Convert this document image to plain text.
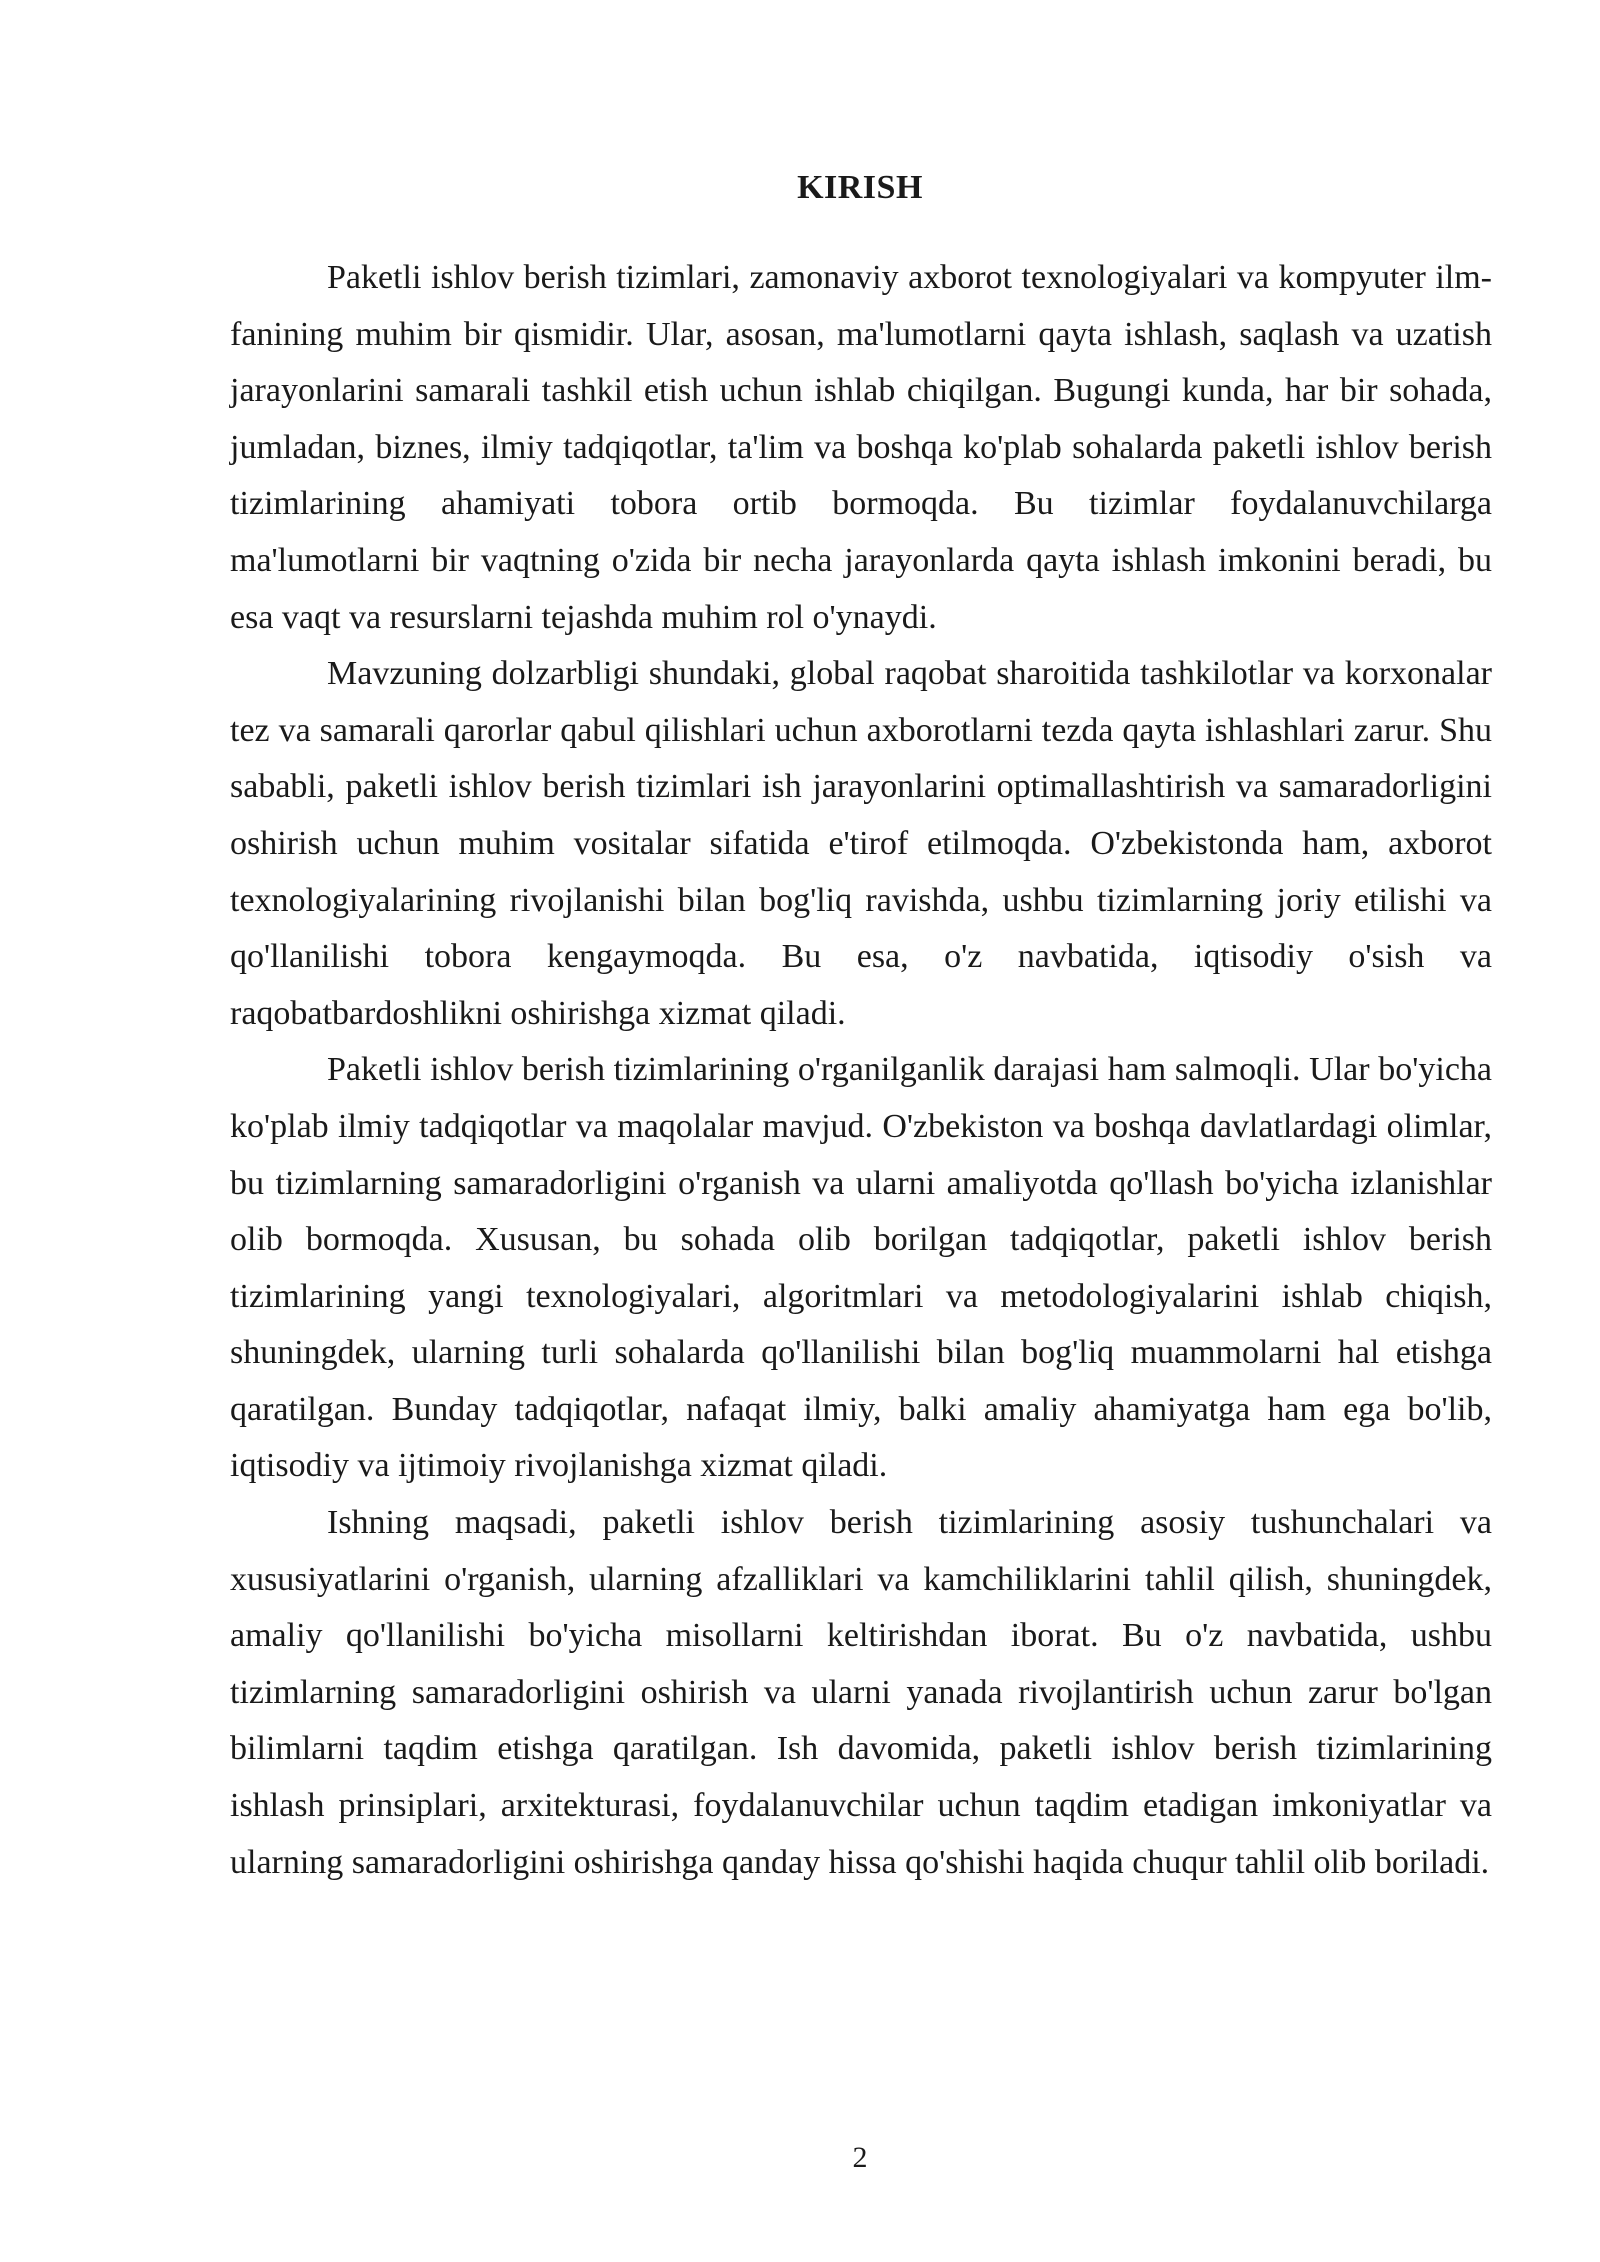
KIRISH

Paketli ishlov berish tizimlari, zamonaviy axborot texnologiyalari va kompyuter ilm-fanining muhim bir qismidir. Ular, asosan, ma'lumotlarni qayta ishlash, saqlash va uzatish jarayonlarini samarali tashkil etish uchun ishlab chiqilgan. Bugungi kunda, har bir sohada, jumladan, biznes, ilmiy tadqiqotlar, ta'lim va boshqa ko'plab sohalarda paketli ishlov berish tizimlarining ahamiyati tobora ortib bormoqda. Bu tizimlar foydalanuvchilarga ma'lumotlarni bir vaqtning o'zida bir necha jarayonlarda qayta ishlash imkonini beradi, bu esa vaqt va resurslarni tejashda muhim rol o'ynaydi.

Mavzuning dolzarbligi shundaki, global raqobat sharoitida tashkilotlar va korxonalar tez va samarali qarorlar qabul qilishlari uchun axborotlarni tezda qayta ishlashlari zarur. Shu sababli, paketli ishlov berish tizimlari ish jarayonlarini optimallashtirish va samaradorligini oshirish uchun muhim vositalar sifatida e'tirof etilmoqda. O'zbekistonda ham, axborot texnologiyalarining rivojlanishi bilan bog'liq ravishda, ushbu tizimlarning joriy etilishi va qo'llanilishi tobora kengaymoqda. Bu esa, o'z navbatida, iqtisodiy o'sish va raqobatbardoshlikni oshirishga xizmat qiladi.

Paketli ishlov berish tizimlarining o'rganilganlik darajasi ham salmoqli. Ular bo'yicha ko'plab ilmiy tadqiqotlar va maqolalar mavjud. O'zbekiston va boshqa davlatlardagi olimlar, bu tizimlarning samaradorligini o'rganish va ularni amaliyotda qo'llash bo'yicha izlanishlar olib bormoqda. Xususan, bu sohada olib borilgan tadqiqotlar, paketli ishlov berish tizimlarining yangi texnologiyalari, algoritmlari va metodologiyalarini ishlab chiqish, shuningdek, ularning turli sohalarda qo'llanilishi bilan bog'liq muammolarni hal etishga qaratilgan. Bunday tadqiqotlar, nafaqat ilmiy, balki amaliy ahamiyatga ham ega bo'lib, iqtisodiy va ijtimoiy rivojlanishga xizmat qiladi.

Ishning maqsadi, paketli ishlov berish tizimlarining asosiy tushunchalari va xususiyatlarini o'rganish, ularning afzalliklari va kamchiliklarini tahlil qilish, shuningdek, amaliy qo'llanilishi bo'yicha misollarni keltirishdan iborat. Bu o'z navbatida, ushbu tizimlarning samaradorligini oshirish va ularni yanada rivojlantirish uchun zarur bo'lgan bilimlarni taqdim etishga qaratilgan. Ish davomida, paketli ishlov berish tizimlarining ishlash prinsiplari, arxitekturasi, foydalanuvchilar uchun taqdim etadigan imkoniyatlar va ularning samaradorligini oshirishga qanday hissa qo'shishi haqida chuqur tahlil olib boriladi.

2
